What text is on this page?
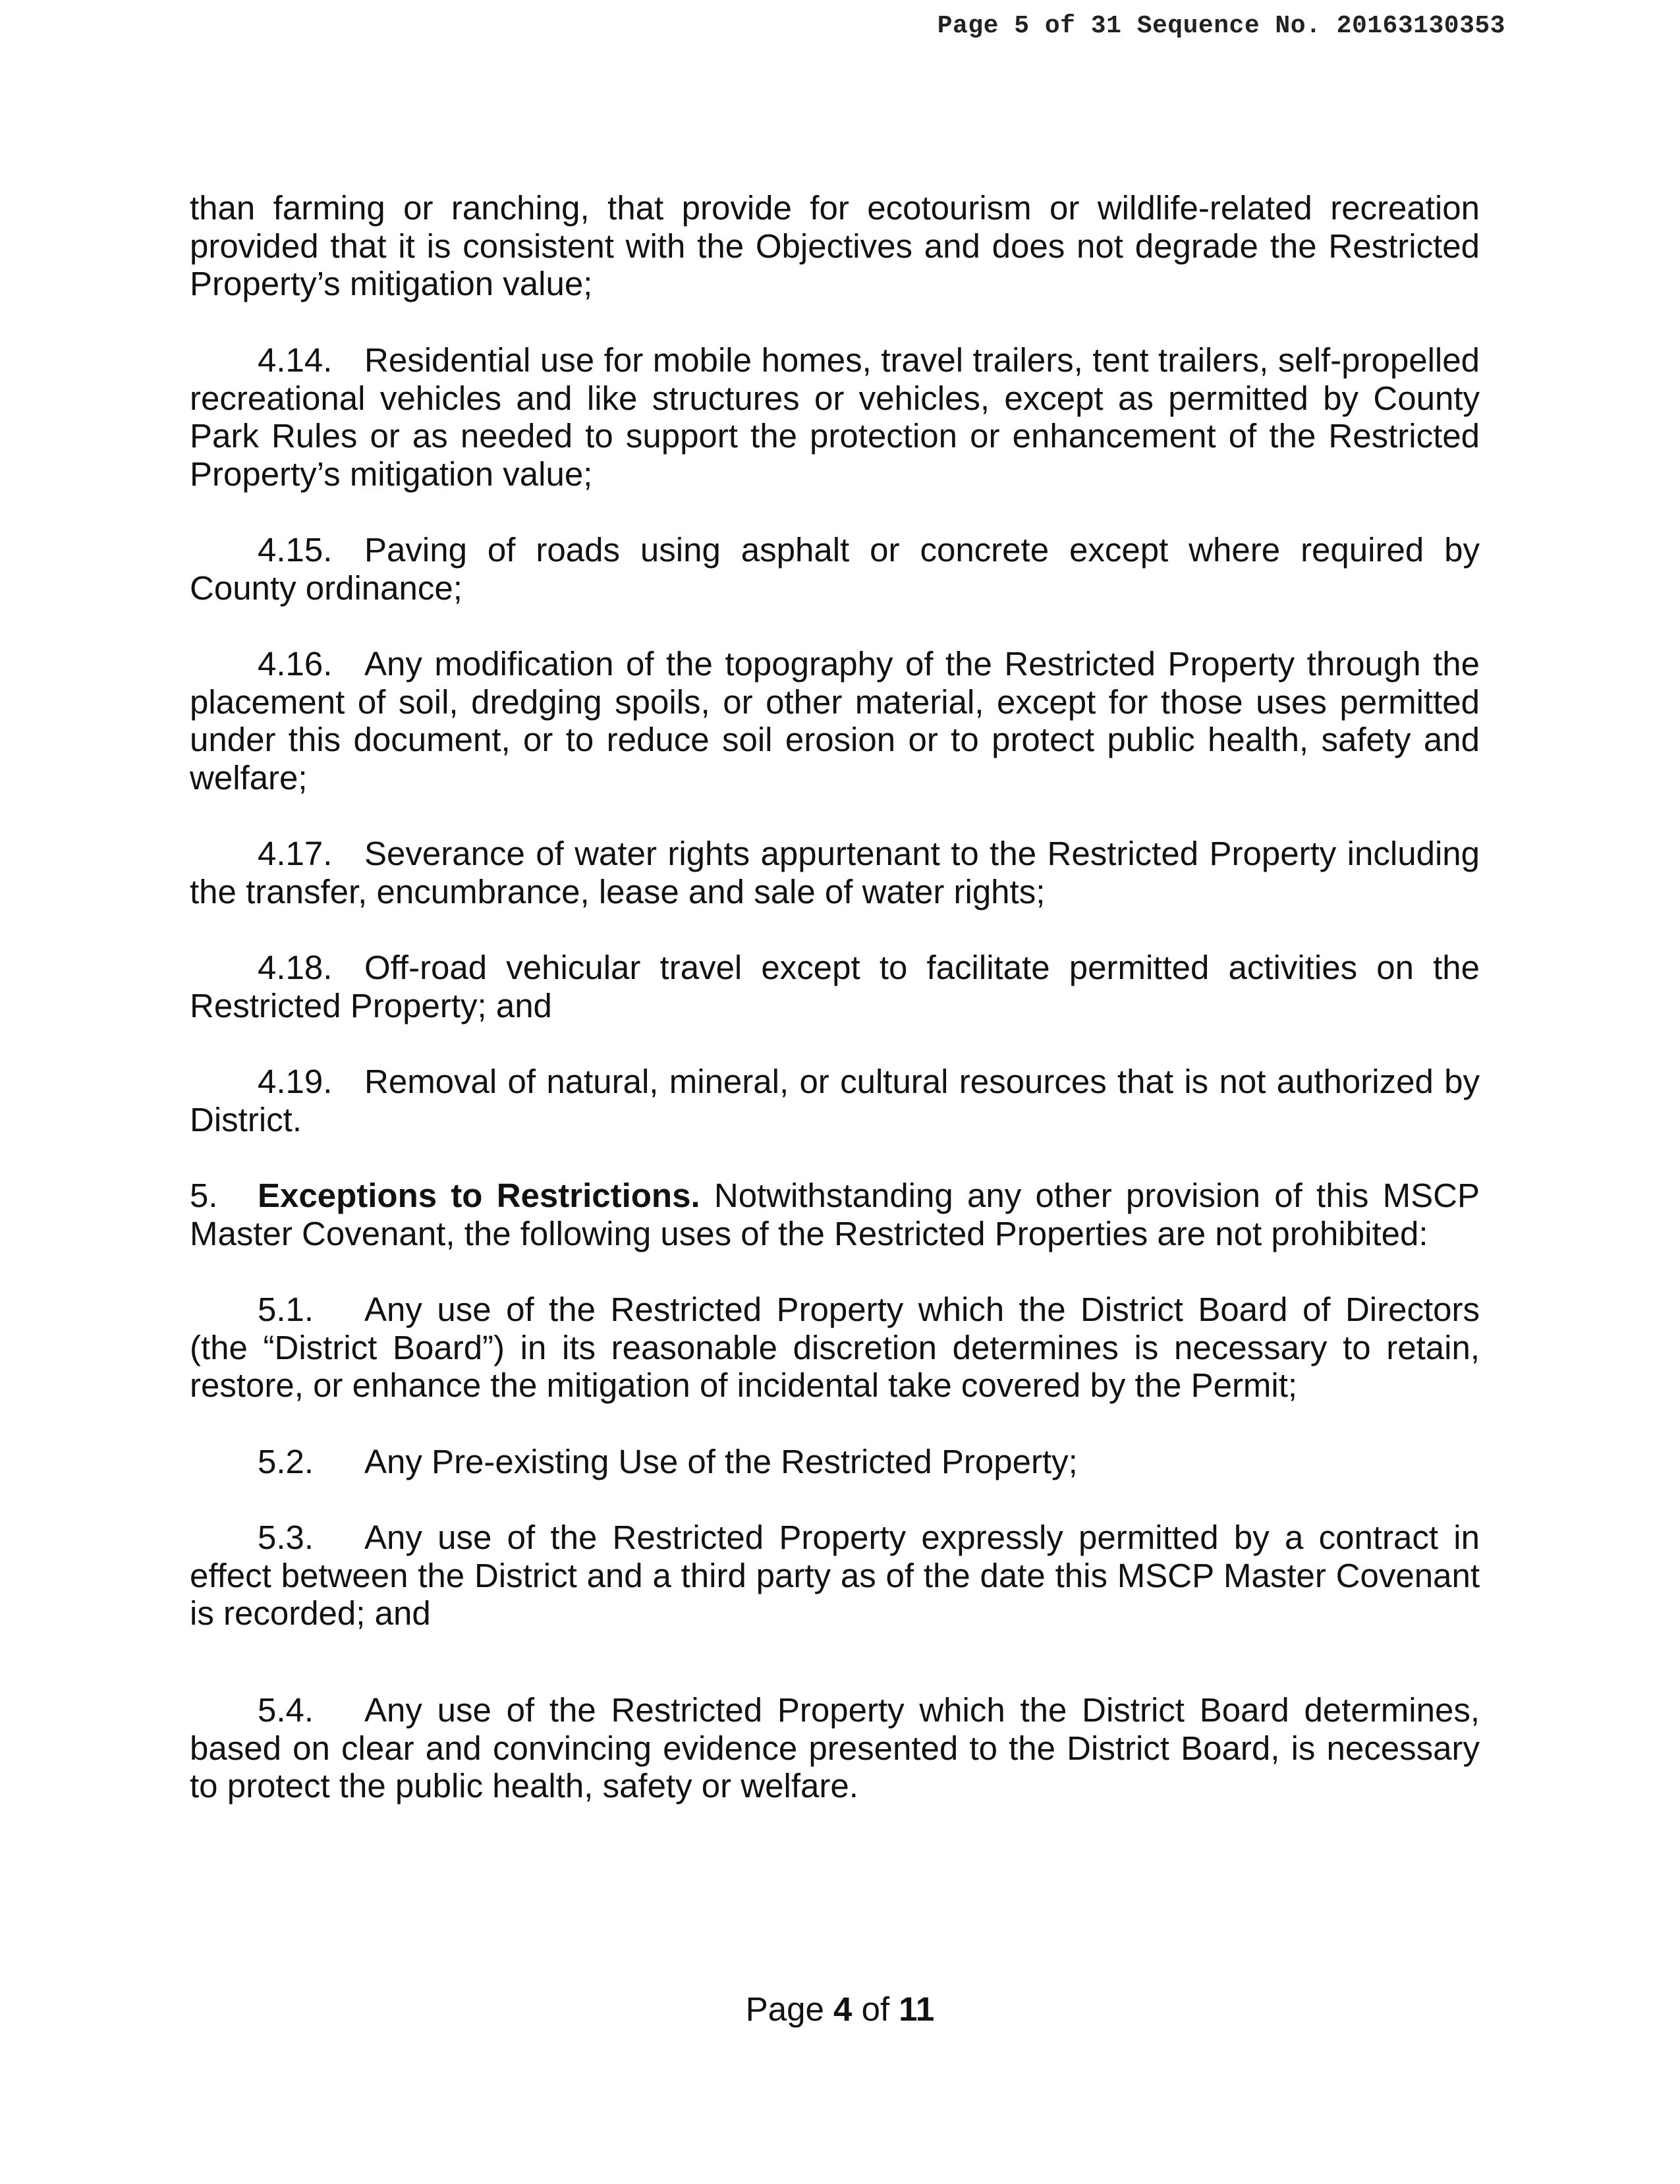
Page 5 of 31 Sequence No. 20163130353

than farming or ranching, that provide for ecotourism or wildlife-related recreation provided that it is consistent with the Objectives and does not degrade the Restricted Property’s mitigation value;

4.14. Residential use for mobile homes, travel trailers, tent trailers, self-propelled recreational vehicles and like structures or vehicles, except as permitted by County Park Rules or as needed to support the protection or enhancement of the Restricted Property’s mitigation value;

4.15. Paving of roads using asphalt or concrete except where required by County ordinance;

4.16. Any modification of the topography of the Restricted Property through the placement of soil, dredging spoils, or other material, except for those uses permitted under this document, or to reduce soil erosion or to protect public health, safety and welfare;

4.17. Severance of water rights appurtenant to the Restricted Property including the transfer, encumbrance, lease and sale of water rights;

4.18. Off-road vehicular travel except to facilitate permitted activities on the Restricted Property; and

4.19. Removal of natural, mineral, or cultural resources that is not authorized by District.

5. Exceptions to Restrictions. Notwithstanding any other provision of this MSCP Master Covenant, the following uses of the Restricted Properties are not prohibited:

5.1. Any use of the Restricted Property which the District Board of Directors (the “District Board”) in its reasonable discretion determines is necessary to retain, restore, or enhance the mitigation of incidental take covered by the Permit;

5.2. Any Pre-existing Use of the Restricted Property;

5.3. Any use of the Restricted Property expressly permitted by a contract in effect between the District and a third party as of the date this MSCP Master Covenant is recorded; and

5.4. Any use of the Restricted Property which the District Board determines, based on clear and convincing evidence presented to the District Board, is necessary to protect the public health, safety or welfare.

Page 4 of 11
